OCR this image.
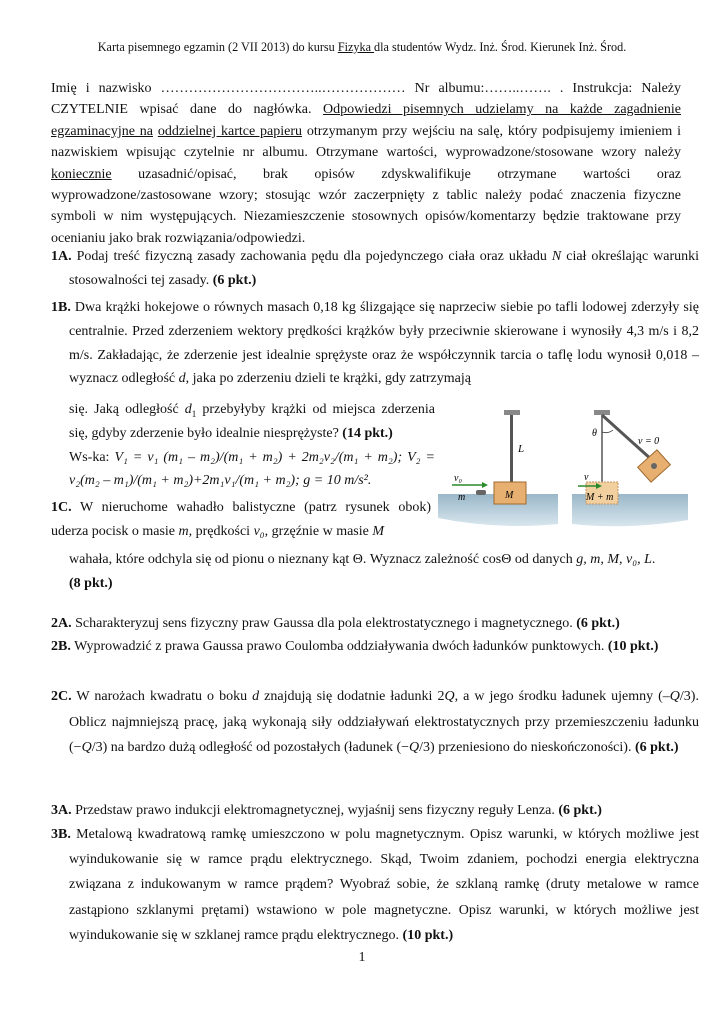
Karta pisemnego egzamin (2 VII 2013) do kursu Fizyka dla studentów Wydz. Inż. Środ. Kierunek Inż. Środ.
Imię i nazwisko ……………………………..……………… Nr albumu:……..……. . Instrukcja: Należy CZYTELNIE wpisać dane do nagłówka. Odpowiedzi pisemnych udzielamy na każde zagadnienie egzaminacyjne na oddzielnej kartce papieru otrzymanym przy wejściu na salę, który podpisujemy imieniem i nazwiskiem wpisując czytelnie nr albumu. Otrzymane wartości, wyprowadzone/stosowane wzory należy koniecznie uzasadnić/opisać, brak opisów zdyskwalifikuje otrzymane wartości oraz wyprowadzone/zastosowane wzory; stosując wzór zaczerpnięty z tablic należy podać znaczenia fizyczne symboli w nim występujących. Niezamieszczenie stosownych opisów/komentarzy będzie traktowane przy ocenianiu jako brak rozwiązania/odpowiedzi.
1A. Podaj treść fizyczną zasady zachowania pędu dla pojedynczego ciała oraz układu N ciał określając warunki stosowalności tej zasady. (6 pkt.)
1B. Dwa krążki hokejowe o równych masach 0,18 kg ślizgające się naprzeciw siebie po tafli lodowej zderzyły się centralnie. Przed zderzeniem wektory prędkości krążków były przeciwnie skierowane i wynosiły 4,3 m/s i 8,2 m/s. Zakładając, że zderzenie jest idealnie sprężyste oraz że współczynnik tarcia o taflę lodu wynosił 0,018 – wyznacz odległość d, jaka po zderzeniu dzieli te krążki, gdy zatrzymają
się. Jaką odległość $d_1$ przebyłyby krążki od miejsca zderzenia się, gdyby zderzenie było idealnie niesprężyste? (14 pkt.)
Ws-ka: V₁ = v₁ (m₁ – m₂)/(m₁ + m₂) + 2m₂v₂/(m₁ + m₂); V₂ = v₂(m₂ – m₁)/(m₁ + m₂)+2m₁v₁/(m₁ + m₂); g = 10 m/s².
1C. W nieruchome wahadło balistyczne (patrz rysunek obok) uderza pocisk o masie m, prędkości v₀, grzęźnie w masie M
wahała, które odchyla się od pionu o nieznany kąt Θ. Wyznacz zależność cosΘ od danych g, m, M, v₀, L.
(8 pkt.)
L
M
v₀
m
θ
v = 0
v
M + m
2A. Scharakteryzuj sens fizyczny praw Gaussa dla pola elektrostatycznego i magnetycznego. (6 pkt.)
2B. Wyprowadzić z prawa Gaussa prawo Coulomba oddziaływania dwóch ładunków punktowych. (10 pkt.)
2C. W narożach kwadratu o boku d znajdują się dodatnie ładunki 2Q, a w jego środku ładunek ujemny (–Q/3). Oblicz najmniejszą pracę, jaką wykonają siły oddziaływań elektrostatycznych przy przemieszczeniu ładunku (−Q/3) na bardzo dużą odległość od pozostałych (ładunek (−Q/3) przeniesiono do nieskończoności). (6 pkt.)
3A. Przedstaw prawo indukcji elektromagnetycznej, wyjaśnij sens fizyczny reguły Lenza. (6 pkt.)
3B. Metalową kwadratową ramkę umieszczono w polu magnetycznym. Opisz warunki, w których możliwe jest wyindukowanie się w ramce prądu elektrycznego. Skąd, Twoim zdaniem, pochodzi energia elektryczna związana z indukowanym w ramce prądem? Wyobraź sobie, że szklaną ramkę (druty metalowe w ramce zastąpiono szklanymi prętami) wstawiono w pole magnetyczne. Opisz warunki, w których możliwe jest wyindukowanie się w szklanej ramce prądu elektrycznego. (10 pkt.)
1
